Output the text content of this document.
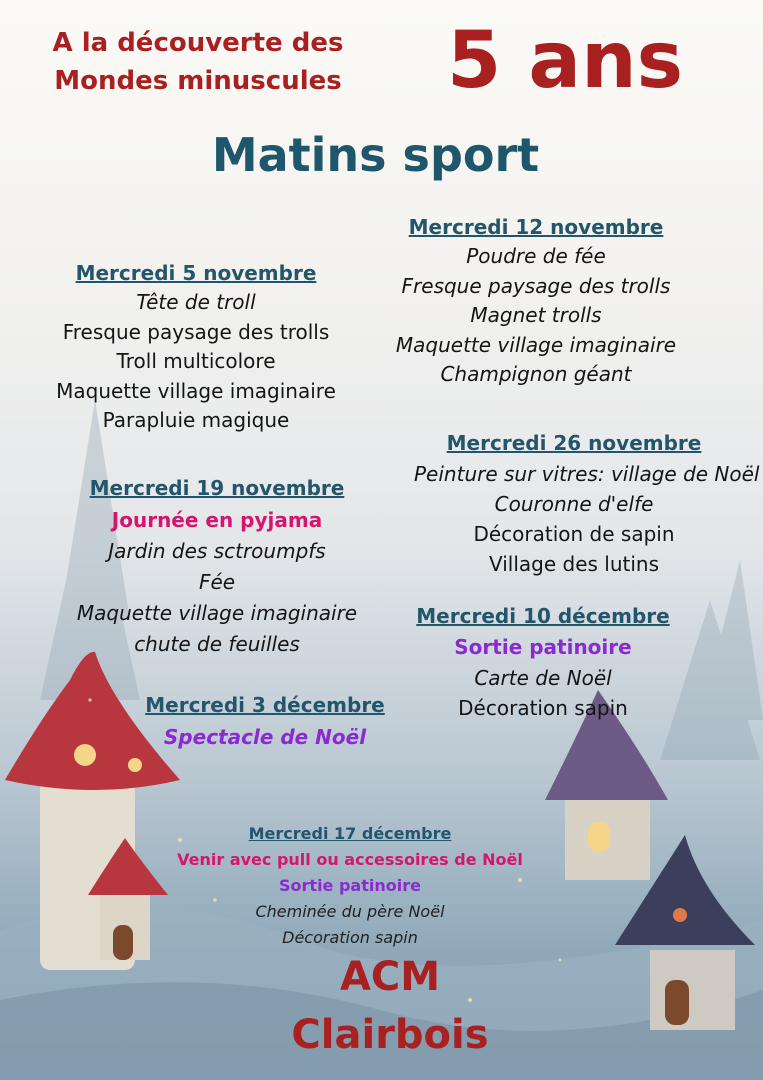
A la découverte des

Mondes minuscules	5 ans

Matins sport

Mercredi 5 novembre
Tête de troll
Fresque paysage des trolls
Troll multicolore
Maquette village imaginaire
Parapluie magique
Mercredi 12 novembre
Poudre de fée
Fresque paysage des trolls
Magnet trolls
Maquette village imaginaire
Champignon géant
Mercredi 19 novembre
Journée en pyjama
Jardin des sctroumpfs
Fée
Maquette village imaginaire
chute de feuilles
Mercredi 26 novembre
Peinture sur vitres: village de Noël
Couronne d'elfe
Décoration de sapin
Village des lutins
Mercredi 3 décembre
Spectacle de Noël
Mercredi 10 décembre
Sortie patinoire
Carte de Noël
Décoration sapin
Mercredi 17 décembre
Venir avec pull ou accessoires de Noël
Sortie patinoire
Cheminée du père Noël
Décoration sapin

ACM

Clairbois
